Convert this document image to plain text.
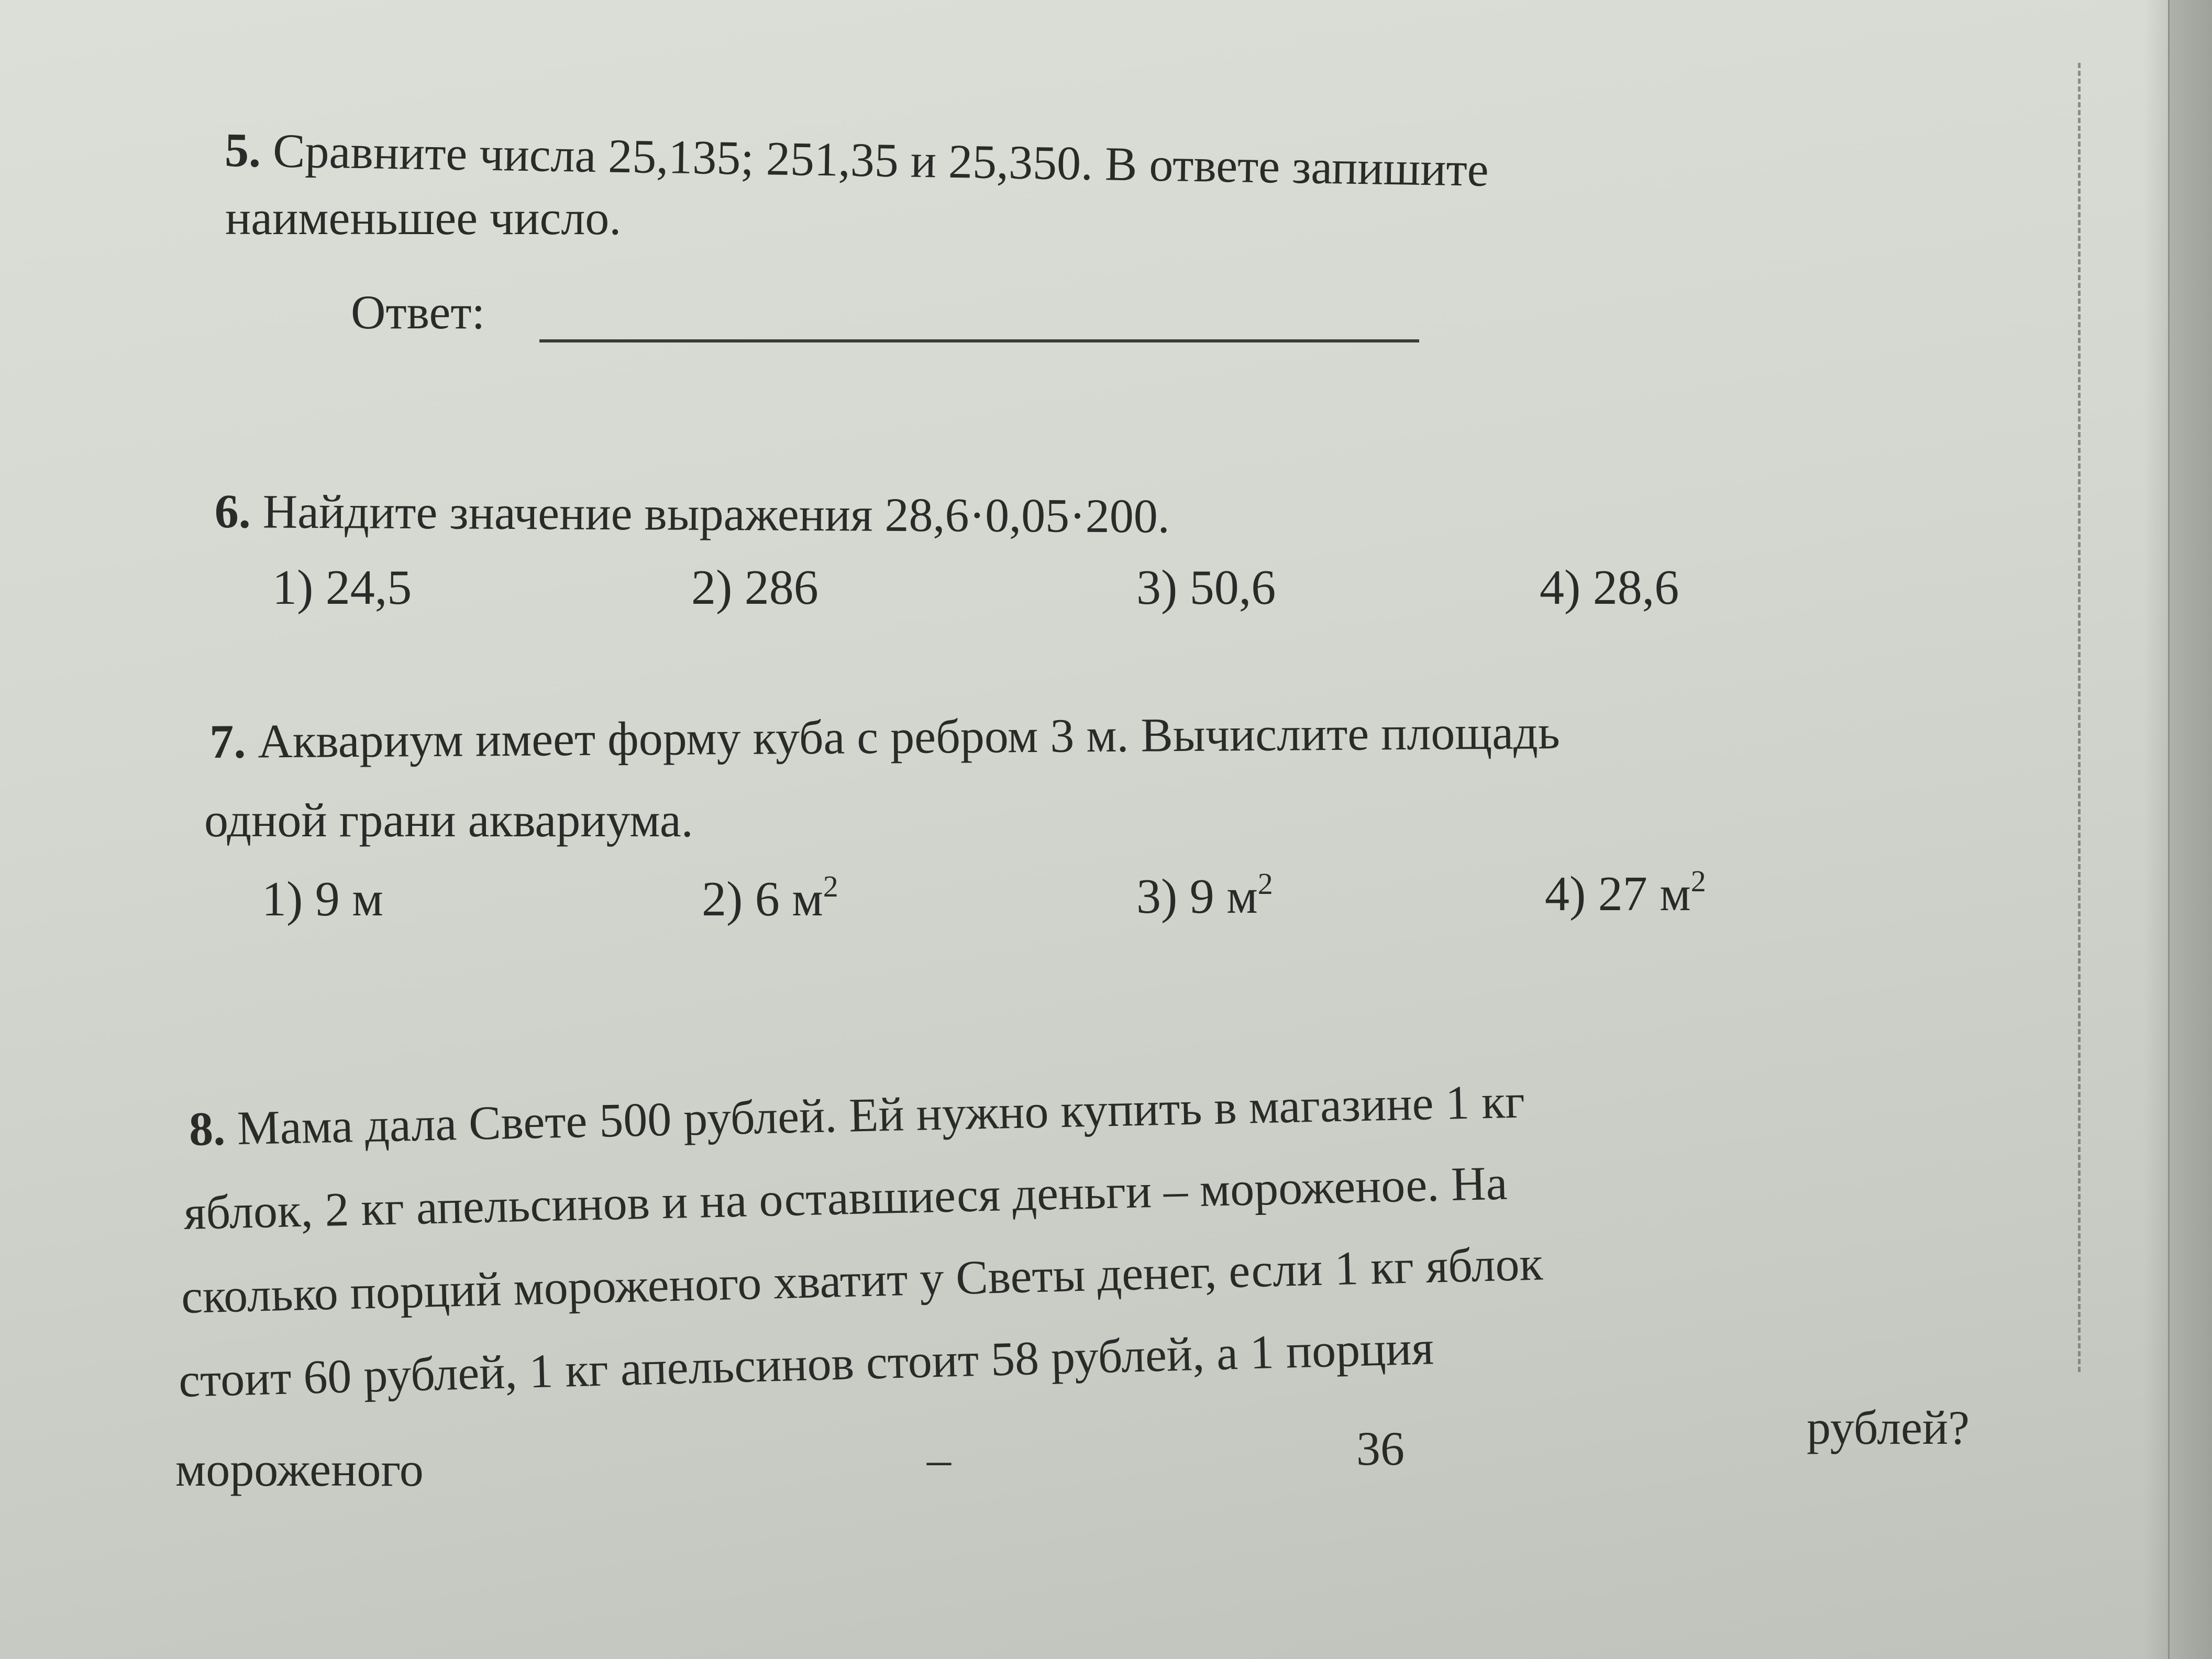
5. Сравните числа 25,135; 251,35 и 25,350. В ответе запишите
наименьшее число.
Ответ:
6. Найдите значение выражения 28,6·0,05·200.
1) 24,5	2) 286	3) 50,6	4) 28,6
7. Аквариум имеет форму куба с ребром 3 м. Вычислите площадь
одной грани аквариума.
1) 9 м	2) 6 $м^2$	3) 9 $м^2$	4) 27 $м^2$
8. Мама дала Свете 500 рублей. Ей нужно купить в магазине 1 кг
яблок, 2 кг апельсинов и на оставшиеся деньги – мороженое. На
сколько порций мороженого хватит у Светы денег, если 1 кг яблок
стоит 60 рублей, 1 кг апельсинов стоит 58 рублей, а 1 порция
мороженого	–	36	рублей?
